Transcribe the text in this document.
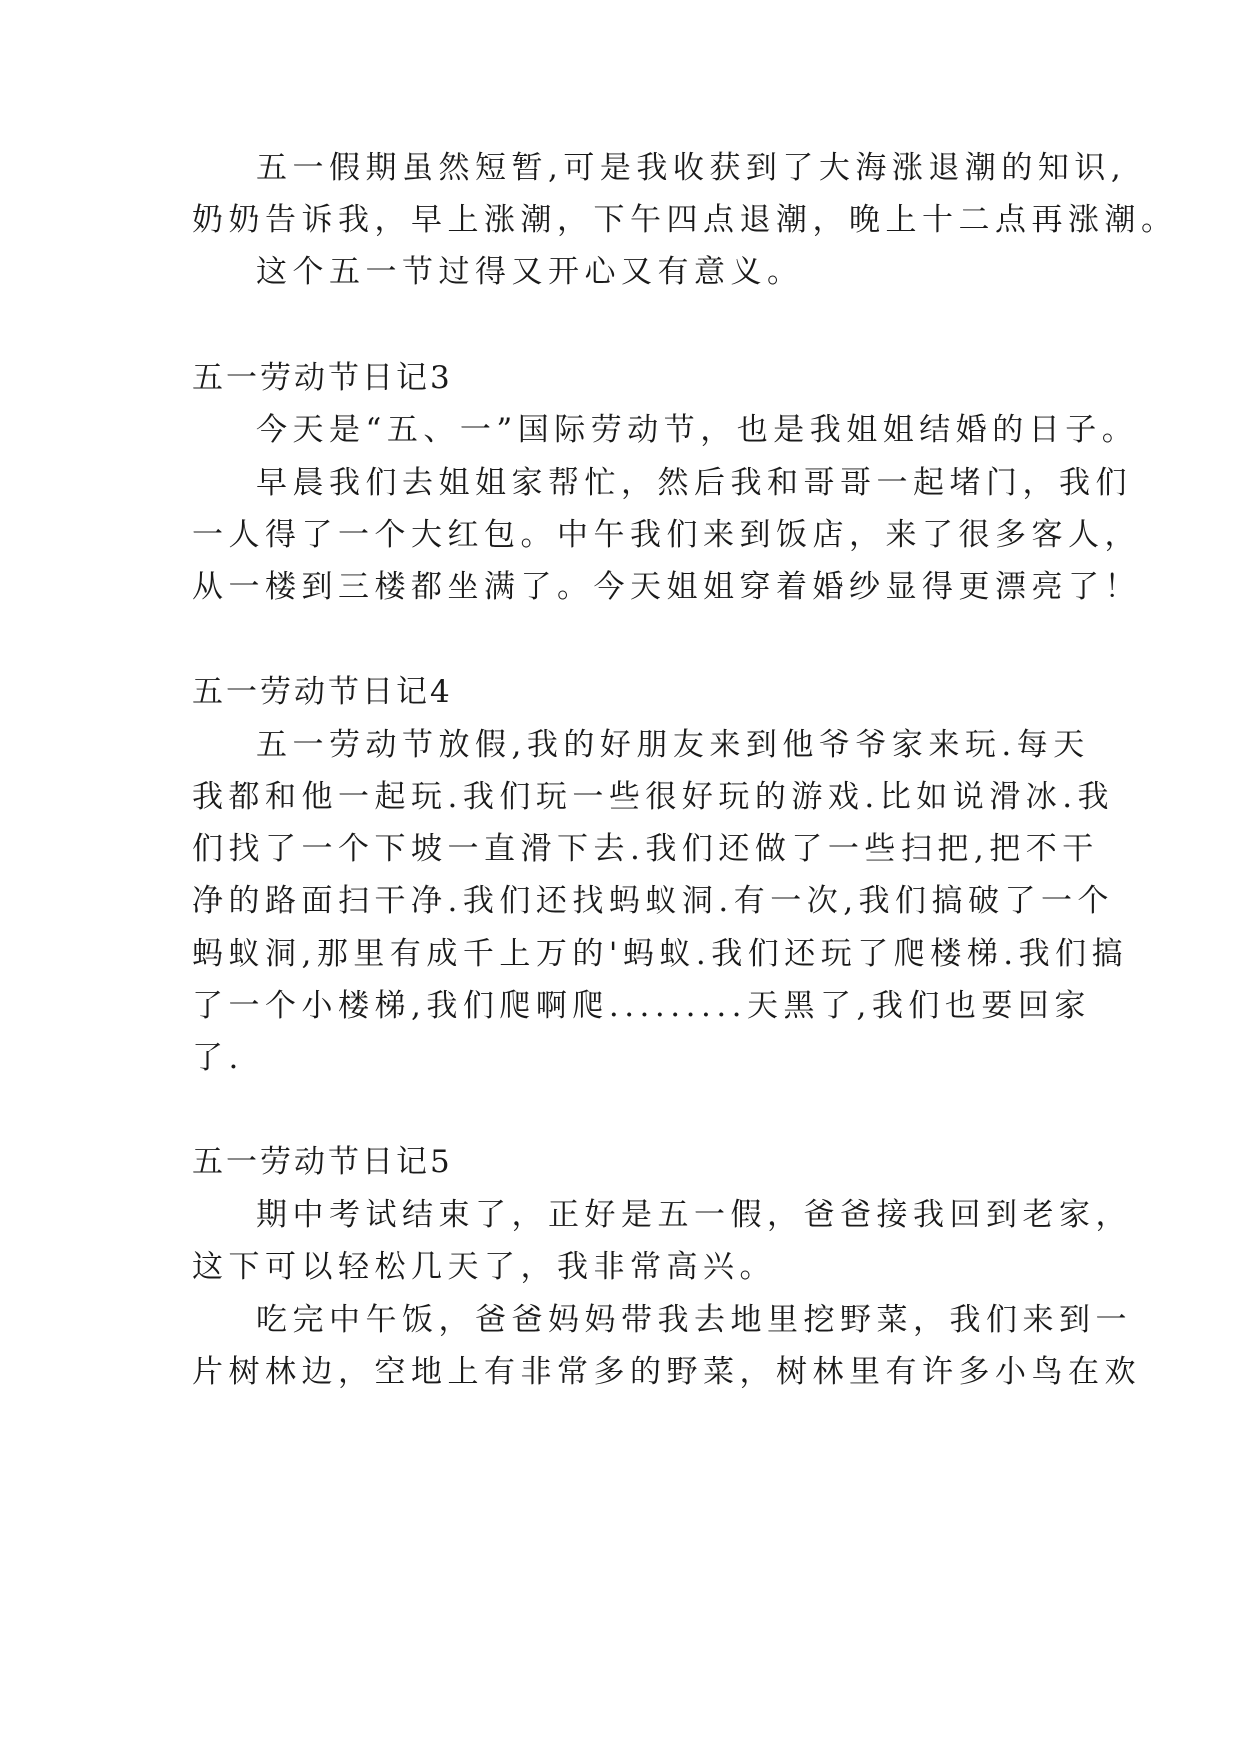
五一假期虽然短暂,可是我收获到了大海涨退潮的知识,
奶奶告诉我，早上涨潮，下午四点退潮，晚上十二点再涨潮。
这个五一节过得又开心又有意义。
五一劳动节日记3
今天是“五、一”国际劳动节，也是我姐姐结婚的日子。
早晨我们去姐姐家帮忙，然后我和哥哥一起堵门，我们
一人得了一个大红包。中午我们来到饭店，来了很多客人，
从一楼到三楼都坐满了。今天姐姐穿着婚纱显得更漂亮了！
五一劳动节日记4
五一劳动节放假,我的好朋友来到他爷爷家来玩.每天
我都和他一起玩.我们玩一些很好玩的游戏.比如说滑冰.我
们找了一个下坡一直滑下去.我们还做了一些扫把,把不干
净的路面扫干净.我们还找蚂蚁洞.有一次,我们搞破了一个
蚂蚁洞,那里有成千上万的'蚂蚁.我们还玩了爬楼梯.我们搞
了一个小楼梯,我们爬啊爬.........天黑了,我们也要回家
了.
五一劳动节日记5
期中考试结束了，正好是五一假，爸爸接我回到老家，
这下可以轻松几天了，我非常高兴。
吃完中午饭，爸爸妈妈带我去地里挖野菜，我们来到一
片树林边，空地上有非常多的野菜，树林里有许多小鸟在欢
